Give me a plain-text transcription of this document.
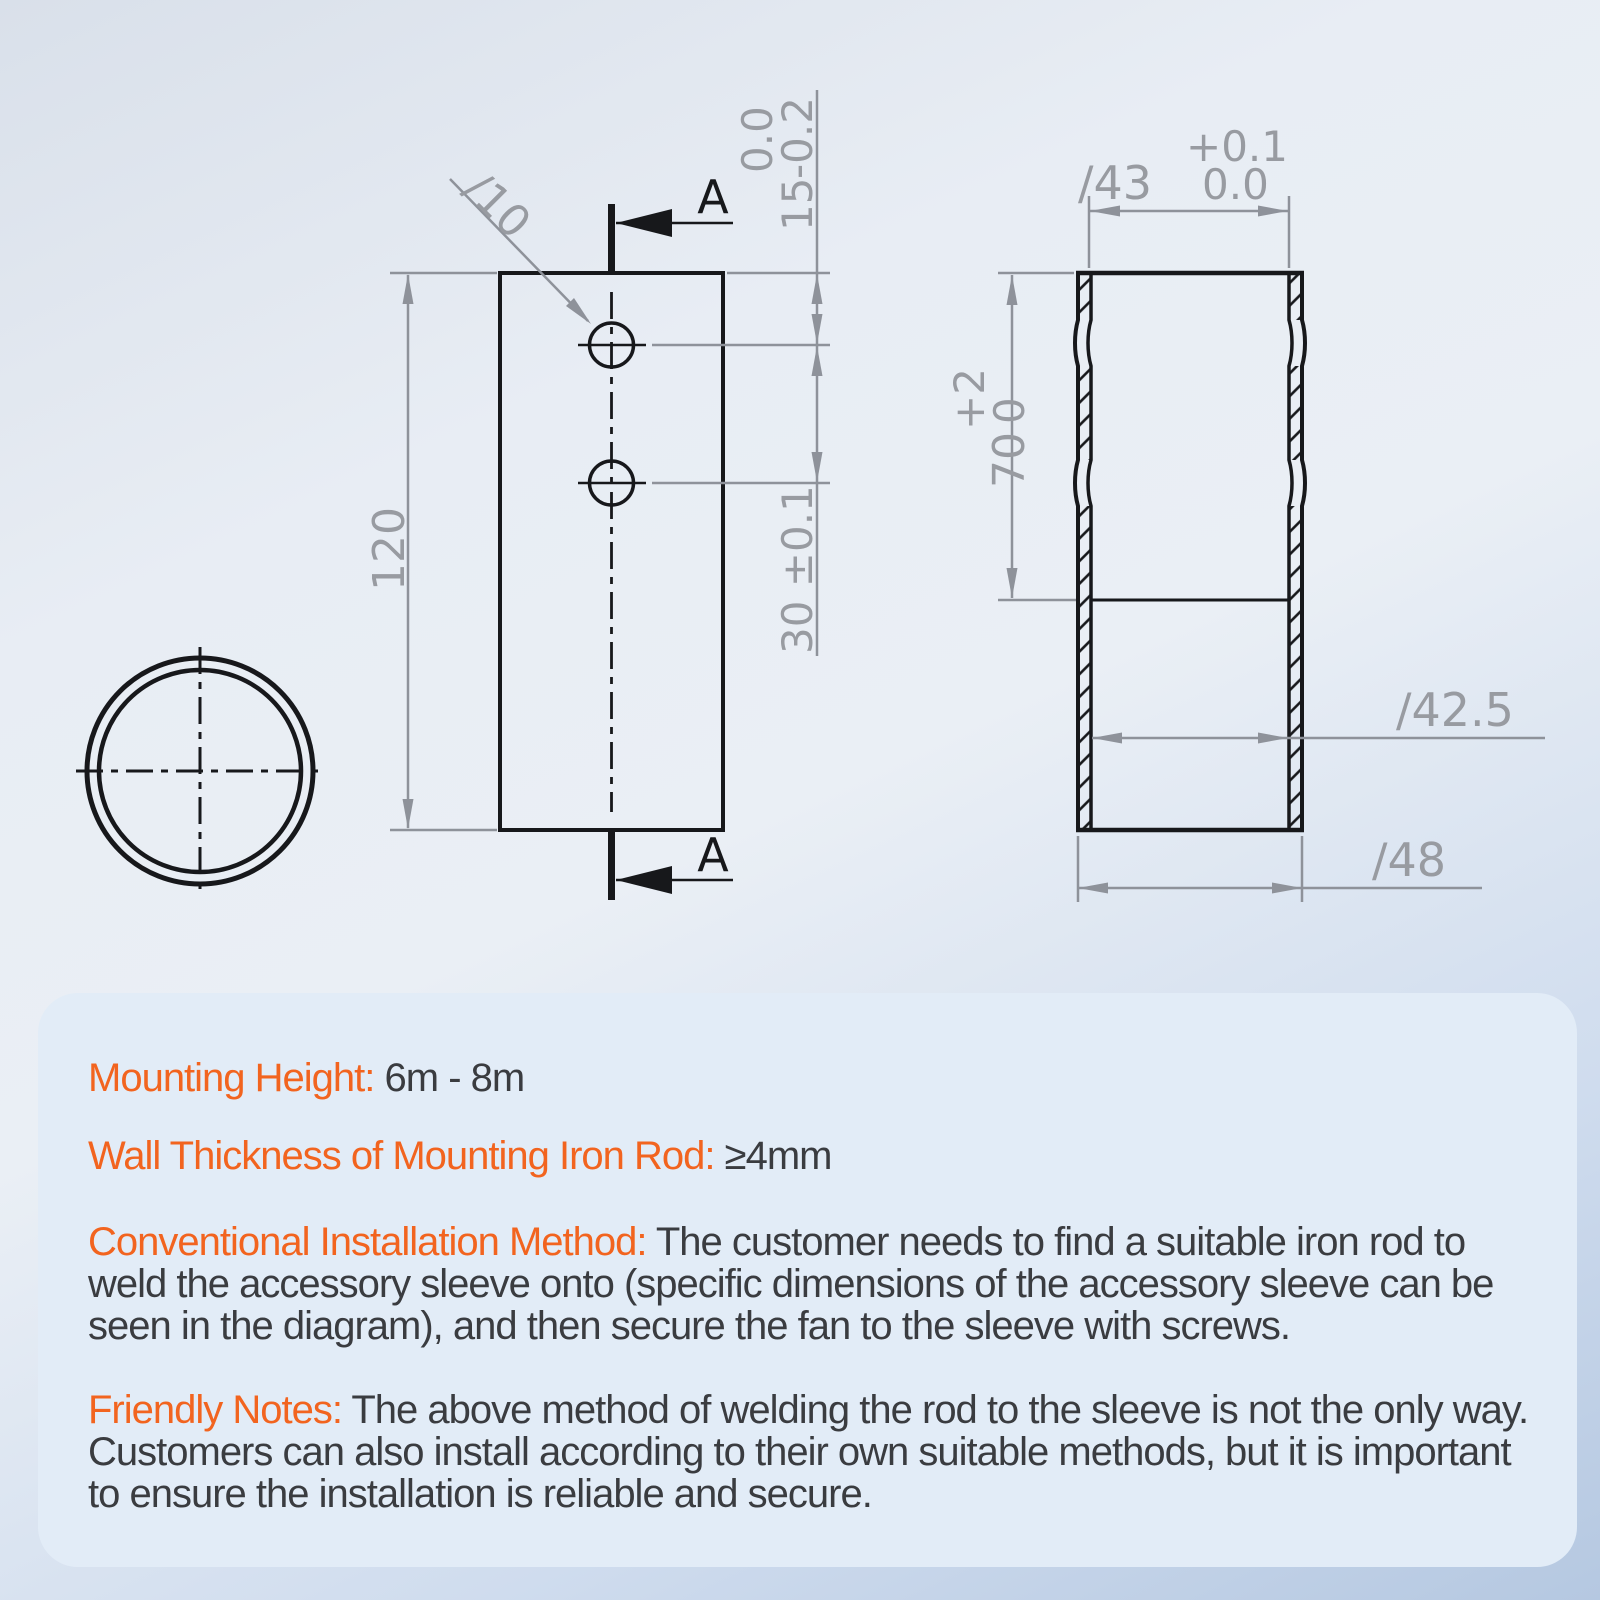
A
A
∕10
120
15
-0.2
0.0
30 ±0.1
∕43
+0.1
0.0
70
0
+2
∕42.5
∕48

Mounting Height: 6m - 8m

Wall Thickness of Mounting Iron Rod: ≥4mm

Conventional Installation Method: The customer needs to find a suitable iron rod to weld the accessory sleeve onto (specific dimensions of the accessory sleeve can be seen in the diagram), and then secure the fan to the sleeve with screws.

Friendly Notes: The above method of welding the rod to the sleeve is not the only way. Customers can also install according to their own suitable methods, but it is important to ensure the installation is reliable and secure.
